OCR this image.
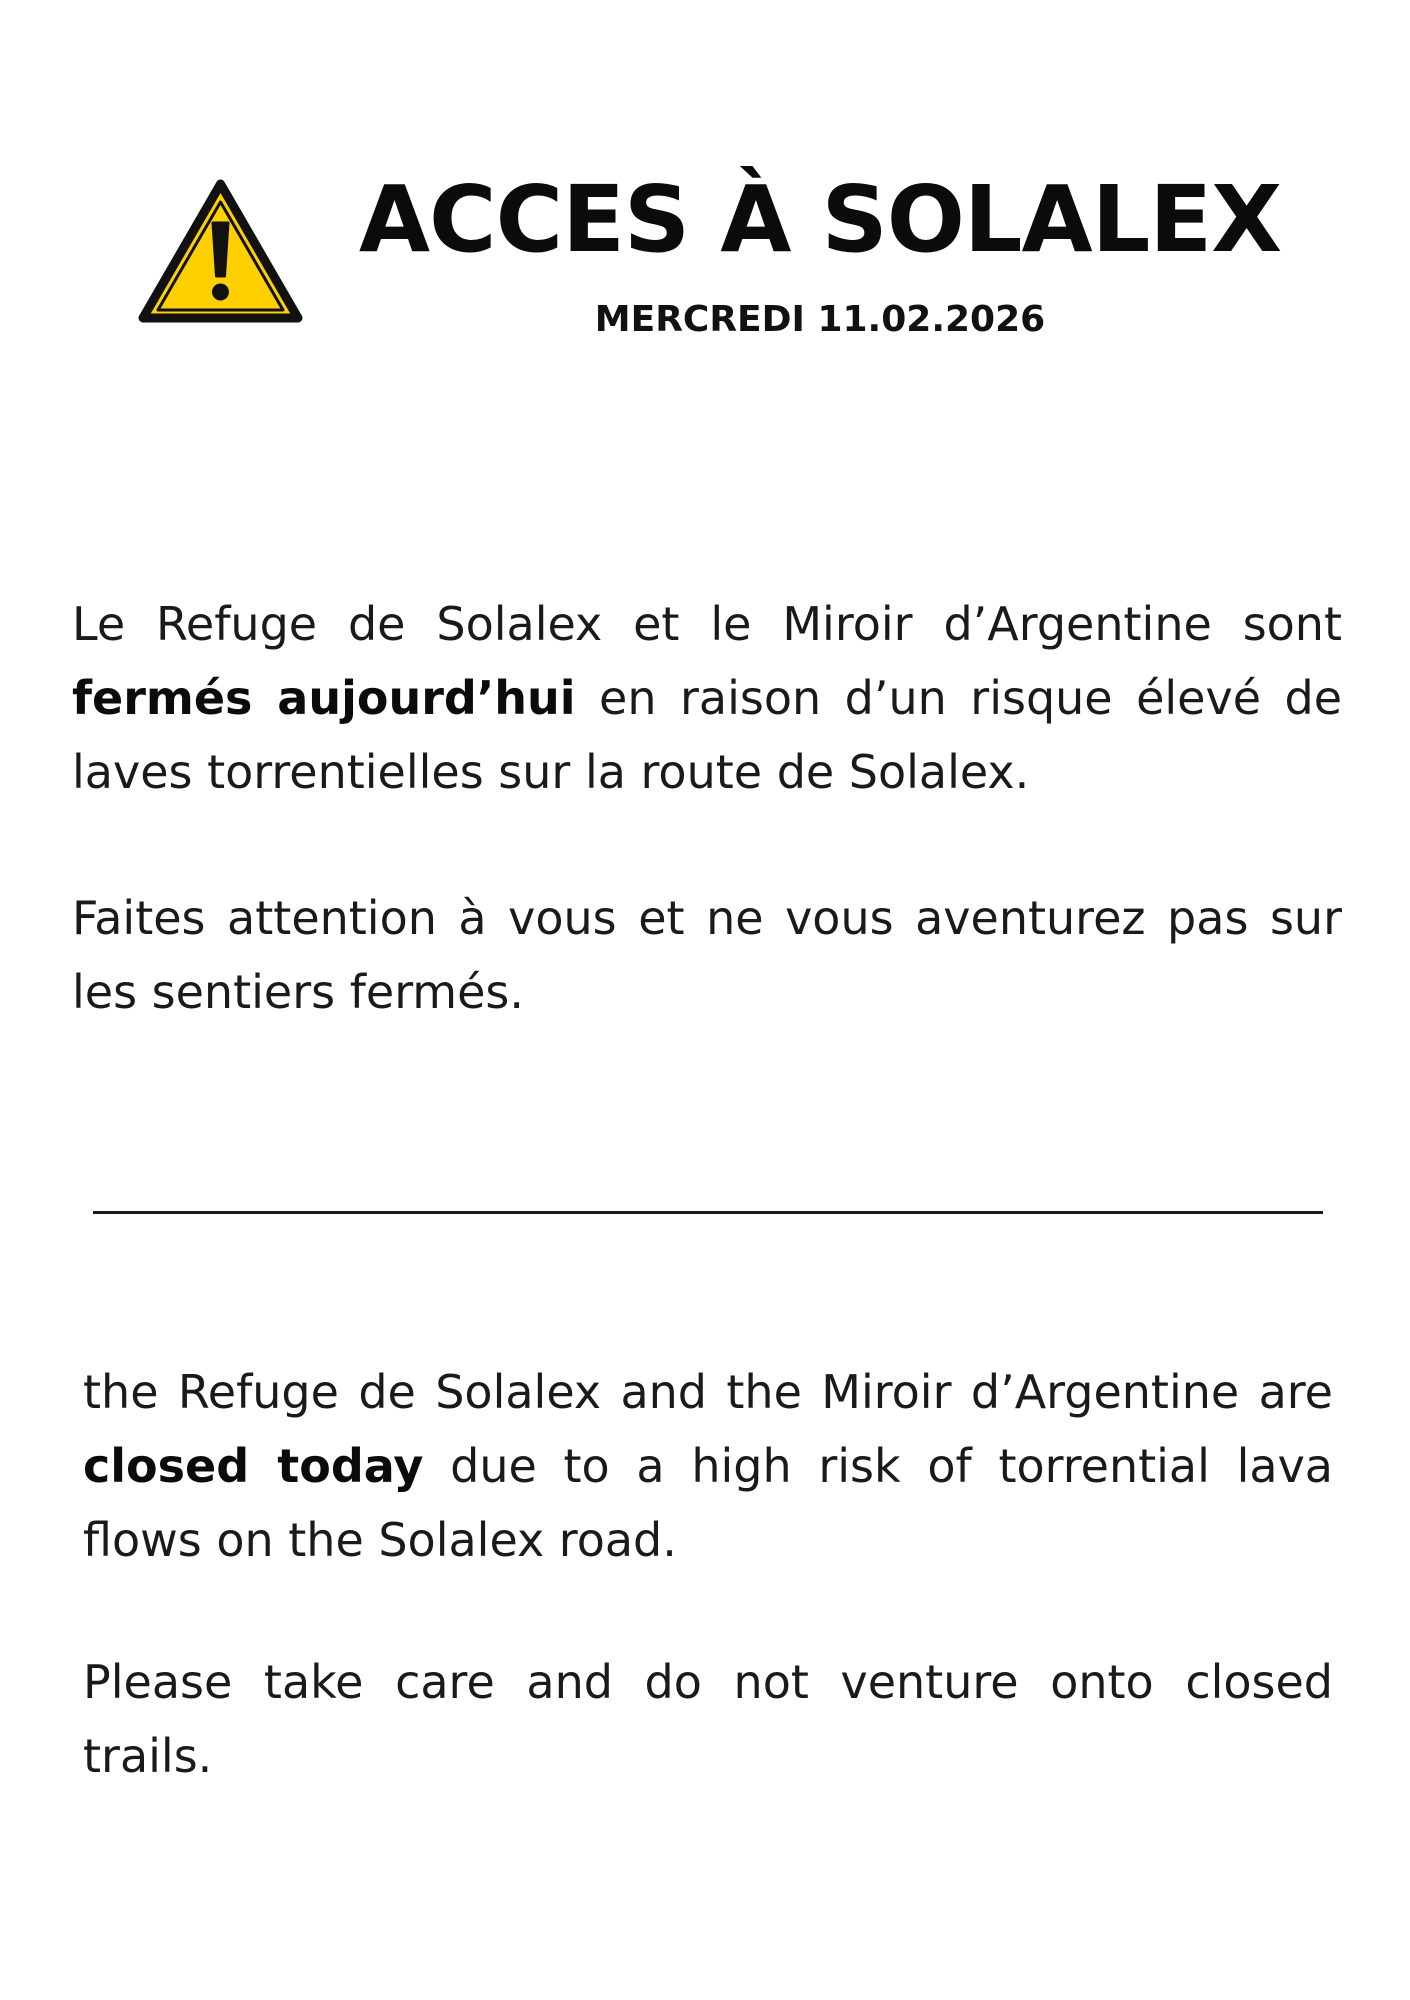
ACCES À SOLALEX
MERCREDI 11.02.2026

Le Refuge de Solalex et le Miroir d’Argentine sont fermés aujourd’hui en raison d’un risque élevé de laves torrentielles sur la route de Solalex.

Faites attention à vous et ne vous aventurez pas sur les sentiers fermés.

the Refuge de Solalex and the Miroir d’Argentine are closed today due to a high risk of torrential lava flows on the Solalex road.

Please take care and do not venture onto closed trails.
